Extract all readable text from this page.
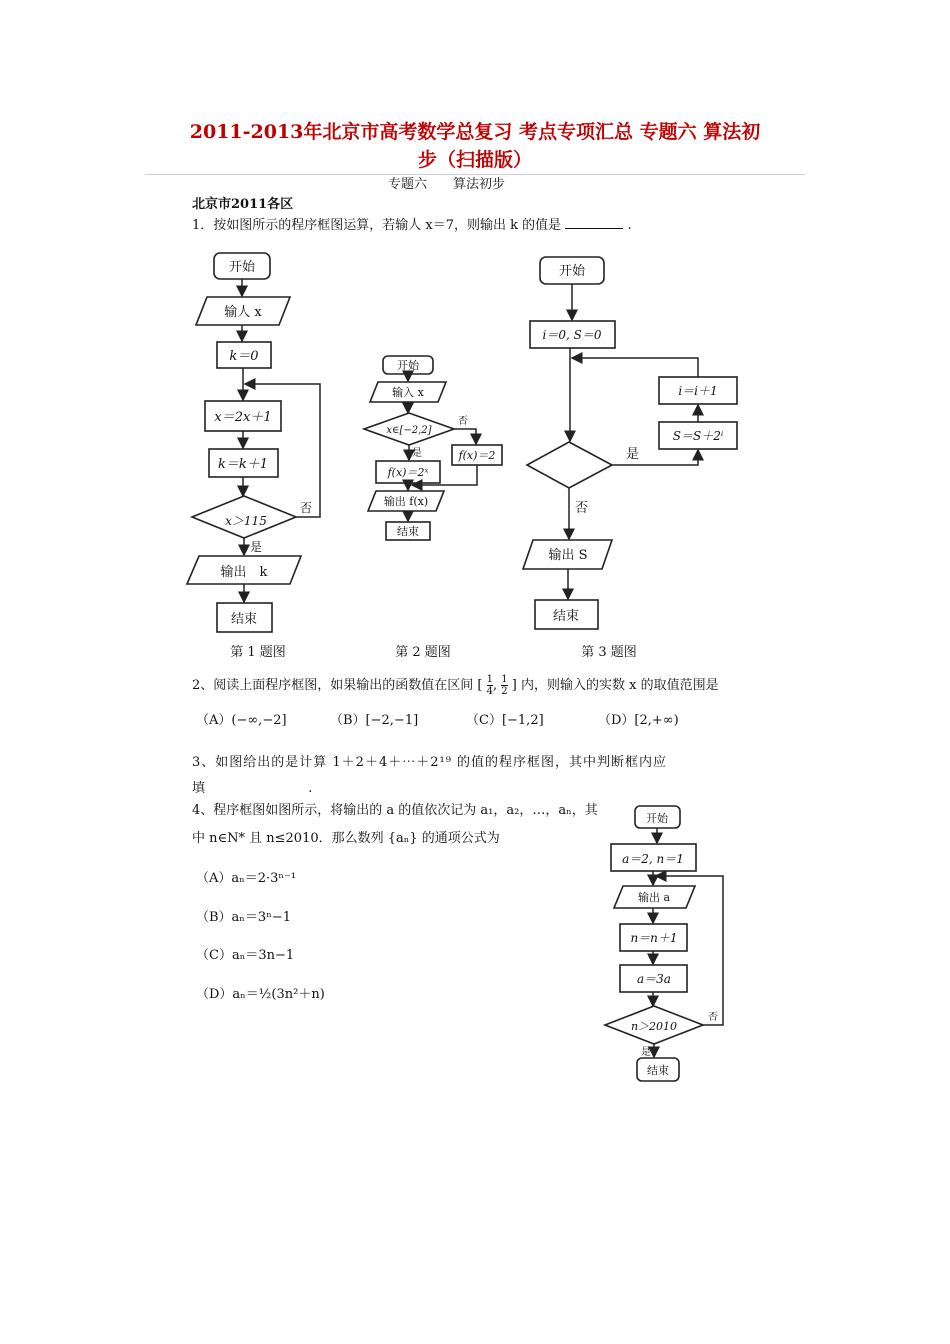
2011-2013年北京市高考数学总复习 考点专项汇总 专题六 算法初
步（扫描版）
专题六　　算法初步
北京市2011各区
1．按如图所示的程序框图运算，若输人 x＝7，则输出 k 的值是	.
开始
输人 x
k＝0
x＝2x＋1
k＝k＋1
x＞115
否
是
输出　k
结束
第 1 题图
开始
输入 x
x∈[−2,2]
否
是	f(x)＝2
f(x)＝2ˣ
输出 f(x)
结束
第 2 题图
开始
i＝0, S＝0
i＝i＋1
S＝S＋2ⁱ
是
否
输出 S
结束
第 3 题图
开始
a＝2, n＝1
输出 a
n＝n＋1
a＝3a
n＞2010
否
是
结束
2、阅读上面程序框图，如果输出的函数值在区间 [ $\frac{1}{4}$ , $\frac{1}{2}$ ] 内，则输入的实数 x 的取值范围是
（A）(−∞,−2]	（B）[−2,−1]	（C）[−1,2]	（D）[2,+∞)
3、如图给出的是计算 1＋2＋4＋⋯＋2¹⁹ 的值的程序框图，其中判断框内应
填	.
4、程序框图如图所示，将输出的 a 的值依次记为 a₁，a₂，…，aₙ，其
中 n∈N* 且 n≤2010．那么数列 {aₙ} 的通项公式为
（A）aₙ＝2·3ⁿ⁻¹
（B）aₙ＝3ⁿ−1
（C）aₙ＝3n−1
（D）aₙ＝½(3n²＋n)
